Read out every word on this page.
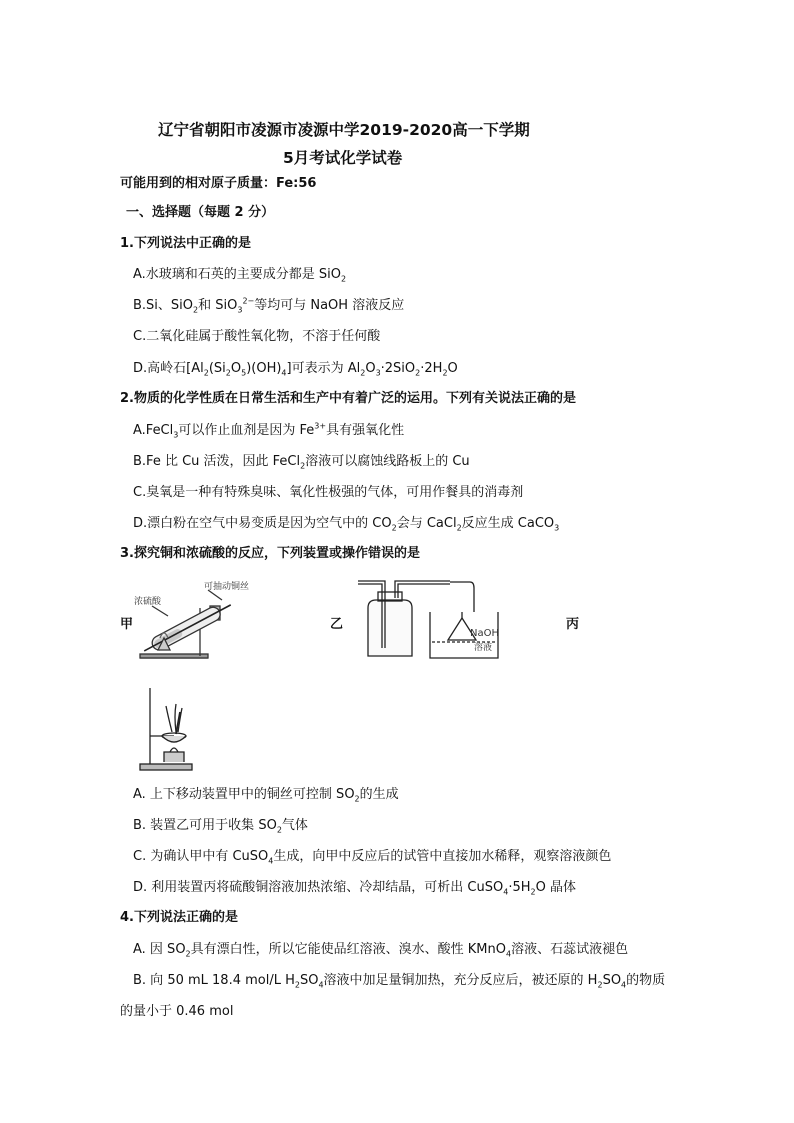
辽宁省朝阳市凌源市凌源中学2019-2020高一下学期
5月考试化学试卷
可能用到的相对原子质量：Fe:56
一、选择题（每题 2 分）
1.下列说法中正确的是
A.水玻璃和石英的主要成分都是 SiO$_2$
B.Si、SiO$_2$和 SiO$_3^{2-}$等均可与 NaOH 溶液反应
C.二氧化硅属于酸性氧化物，不溶于任何酸
D.高岭石$[Al_2(Si_2O_5)(OH)_4]$可表示为 $Al_2O_3\cdot 2SiO_2\cdot 2H_2O$
2.物质的化学性质在日常生活和生产中有着广泛的运用。下列有关说法正确的是
A.FeCl$_3$可以作止血剂是因为 $Fe^{3+}$具有强氧化性
B.Fe 比 Cu 活泼，因此 FeCl$_2$溶液可以腐蚀线路板上的 Cu
C.臭氧是一种有特殊臭味、氧化性极强的气体，可用作餐具的消毒剂
D.漂白粉在空气中易变质是因为空气中的 $CO_2$会与 CaCl$_2$反应生成 CaCO$_3$
3.探究铜和浓硫酸的反应，下列装置或操作错误的是
甲	乙	丙
可抽动铜丝
浓硫酸
NaOH
溶液
A. 上下移动装置甲中的铜丝可控制 $SO_2$的生成
B. 装置乙可用于收集 $SO_2$气体
C. 为确认甲中有 CuSO$_4$生成，向甲中反应后的试管中直接加水稀释，观察溶液颜色
D. 利用装置丙将硫酸铜溶液加热浓缩、冷却结晶，可析出 $CuSO_4\cdot 5H_2O$ 晶体
4.下列说法正确的是
A. 因 $SO_2$具有漂白性，所以它能使品红溶液、溴水、酸性 KMnO$_4$溶液、石蕊试液褪色
B. 向 50 mL 18.4 mol/L $H_2SO_4$溶液中加足量铜加热，充分反应后，被还原的 $H_2SO_4$的物质
的量小于 0.46 mol
